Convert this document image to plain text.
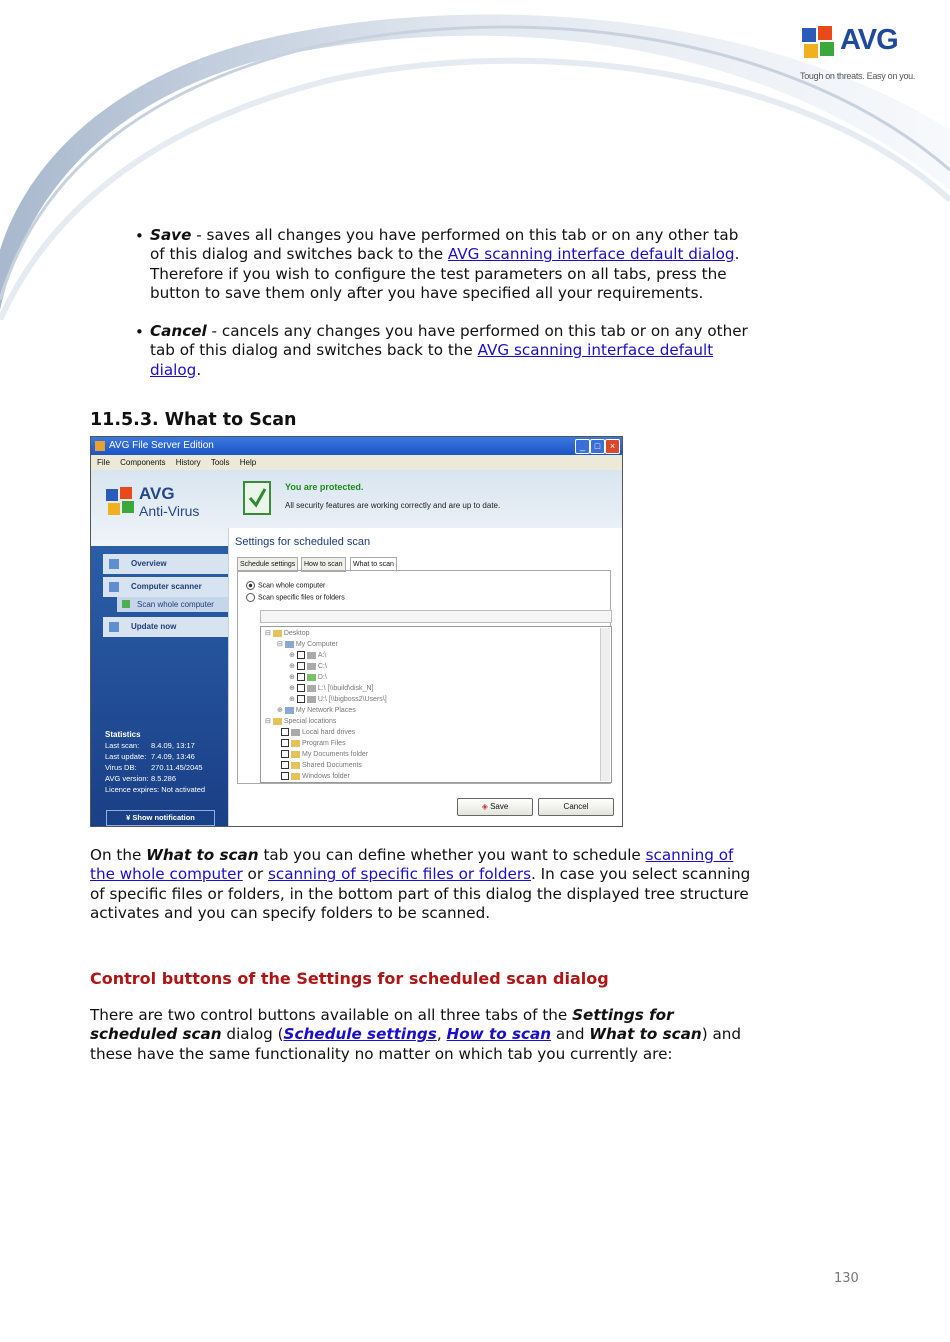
AVG
Tough on threats. Easy on you.
• Save - saves all changes you have performed on this tab or on any other tab
of this dialog and switches back to the AVG scanning interface default dialog.
Therefore if you wish to configure the test parameters on all tabs, press the
button to save them only after you have specified all your requirements.
• Cancel - cancels any changes you have performed on this tab or on any other
tab of this dialog and switches back to the AVG scanning interface default
dialog.
11.5.3. What to Scan
AVG File Server Edition	_	□	×
File Components History Tools Help
AVG
Anti-Virus
You are protected.
All security features are working correctly and are up to date.
Overview
Computer scanner
Scan whole computer
Update now
Statistics
Last scan: 8.4.09, 13:17
Last update: 7.4.09, 13:46
Virus DB: 270.11.45/2045
AVG version: 8.5.286
Licence expires: Not activated
¥ Show notification
Settings for scheduled scan
Schedule settings	How to scan	What to scan
Scan whole computer
Scan specific files or folders
⊟ Desktop
⊟ My Computer
⊕	A:\
⊕	C:\
⊕	D:\
⊕	L:\ [\\build\disk_N]
⊕	U:\ [\\bigboss2\Users\]
⊕ My Network Places
⊟ Special locations
Local hard drives
Program Files
My Documents folder
Shared Documents
Windows folder
◈ Save	Cancel
On the What to scan tab you can define whether you want to schedule scanning of
the whole computer or scanning of specific files or folders. In case you select scanning
of specific files or folders, in the bottom part of this dialog the displayed tree structure
activates and you can specify folders to be scanned.
Control buttons of the Settings for scheduled scan dialog
There are two control buttons available on all three tabs of the Settings for
scheduled scan dialog (Schedule settings, How to scan and What to scan) and
these have the same functionality no matter on which tab you currently are:
130
